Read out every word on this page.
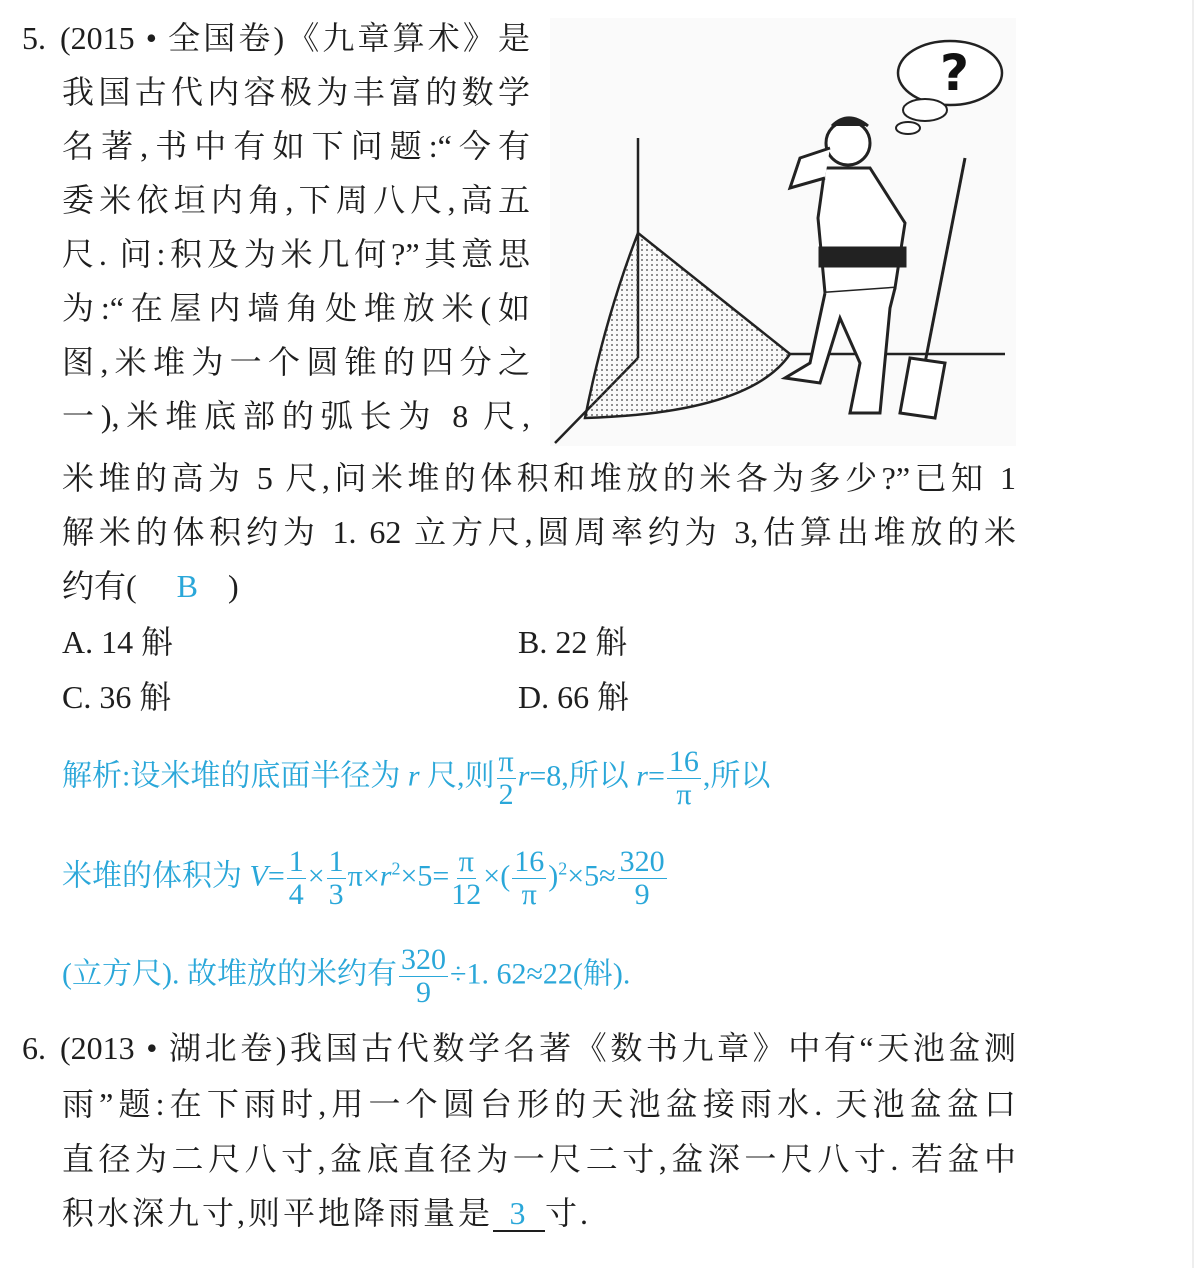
5. (2015 • 全国卷)《九章算术》是
我国古代内容极为丰富的数学
名著,书中有如下问题:“今有
委米依垣内角,下周八尺,高五
尺. 问:积及为米几何?”其意思
为:“在屋内墙角处堆放米(如
图,米堆为一个圆锥的四分之
一),米堆底部的弧长为 8 尺,
米堆的高为 5 尺,问米堆的体积和堆放的米各为多少?”已知 1
解米的体积约为 1. 62 立方尺,圆周率约为 3,估算出堆放的米
约有( B )
A. 14 斛	B. 22 斛
C. 36 斛	D. 66 斛
?
解析:设米堆的底面半径为 r 尺,则 $\frac{\pi}{2} r=8$,所以 $r= \frac{16}{\pi}$ ,所以
米堆的体积为 $V= \frac{1}{4} \times \frac{1}{3} \pi\times r^2\times 5= \frac{\pi}{12}$ ×( $\frac{16}{\pi} )^2\times 5\approx \frac{320}{9}$
(立方尺). 故堆放的米约有 $\frac{320}{9} \div 1$. 62≈22(斛).
6. (2013 • 湖北卷)我国古代数学名著《数书九章》中有“天池盆测
雨”题:在下雨时,用一个圆台形的天池盆接雨水. 天池盆盆口
直径为二尺八寸,盆底直径为一尺二寸,盆深一尺八寸. 若盆中
积水深九寸,则平地降雨量是 3 寸.
